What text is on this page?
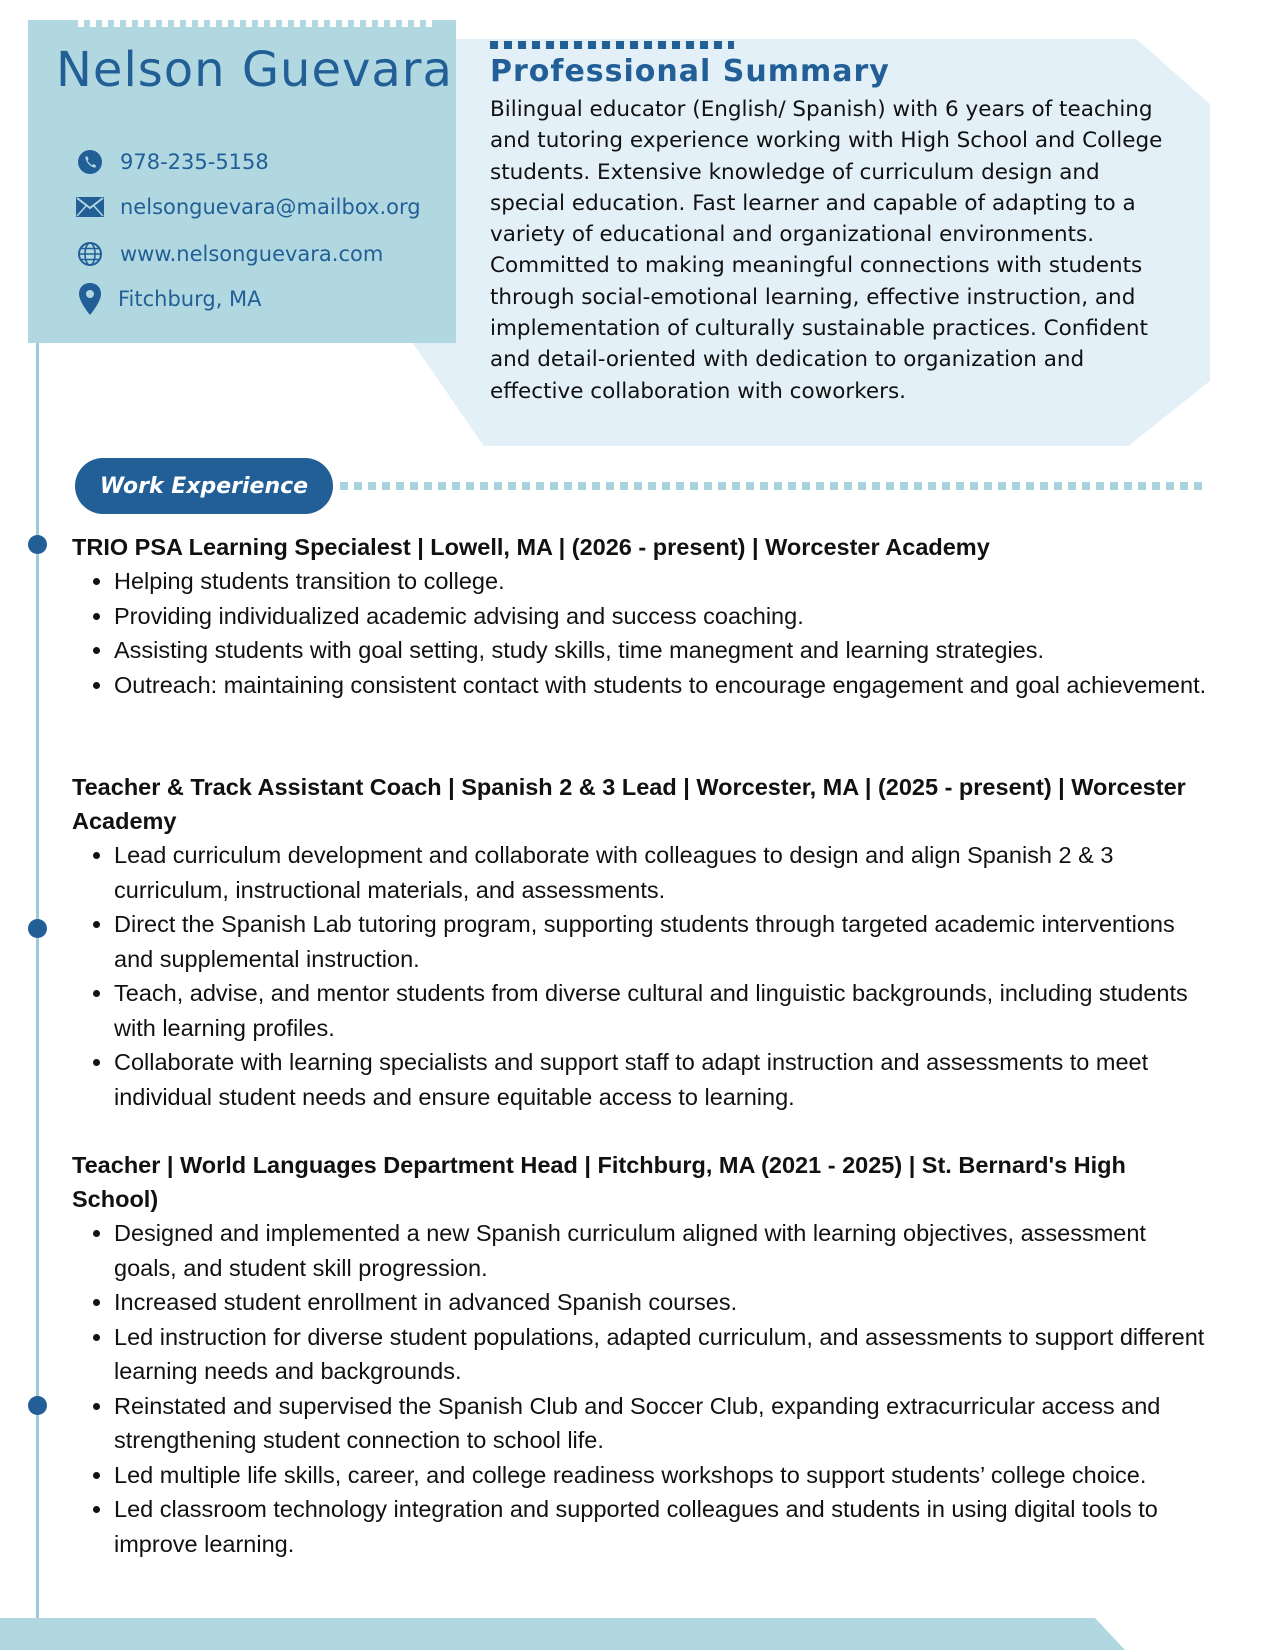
Professional Summary

Bilingual educator (English/ Spanish) with 6 years of teaching and tutoring experience working with High School and College students. Extensive knowledge of curriculum design and special education. Fast learner and capable of adapting to a variety of educational and organizational environments. Committed to making meaningful connections with students through social-emotional learning, effective instruction, and implementation of culturally sustainable practices. Confident and detail-oriented with dedication to organization and effective collaboration with coworkers.

Nelson Guevara
978-235-5158
nelsonguevara@mailbox.org
www.nelsonguevara.com
Fitchburg, MA
Work Experience
TRIO PSA Learning Specialest | Lowell, MA | (2026 - present) | Worcester Academy
• Helping students transition to college.
• Providing individualized academic advising and success coaching.
• Assisting students with goal setting, study skills, time manegment and learning strategies.
• Outreach: maintaining consistent contact with students to encourage engagement and goal achievement.
Teacher & Track Assistant Coach | Spanish 2 & 3 Lead | Worcester, MA | (2025 - present) | Worcester Academy
• Lead curriculum development and collaborate with colleagues to design and align Spanish 2 & 3 curriculum, instructional materials, and assessments.
• Direct the Spanish Lab tutoring program, supporting students through targeted academic interventions and supplemental instruction.
• Teach, advise, and mentor students from diverse cultural and linguistic backgrounds, including students with learning profiles.
• Collaborate with learning specialists and support staff to adapt instruction and assessments to meet individual student needs and ensure equitable access to learning.
Teacher | World Languages Department Head | Fitchburg, MA (2021 - 2025) | St. Bernard's High School)
• Designed and implemented a new Spanish curriculum aligned with learning objectives, assessment goals, and student skill progression.
• Increased student enrollment in advanced Spanish courses.
• Led instruction for diverse student populations, adapted curriculum, and assessments to support different learning needs and backgrounds.
• Reinstated and supervised the Spanish Club and Soccer Club, expanding extracurricular access and strengthening student connection to school life.
• Led multiple life skills, career, and college readiness workshops to support students’ college choice.
• Led classroom technology integration and supported colleagues and students in using digital tools to improve learning.
